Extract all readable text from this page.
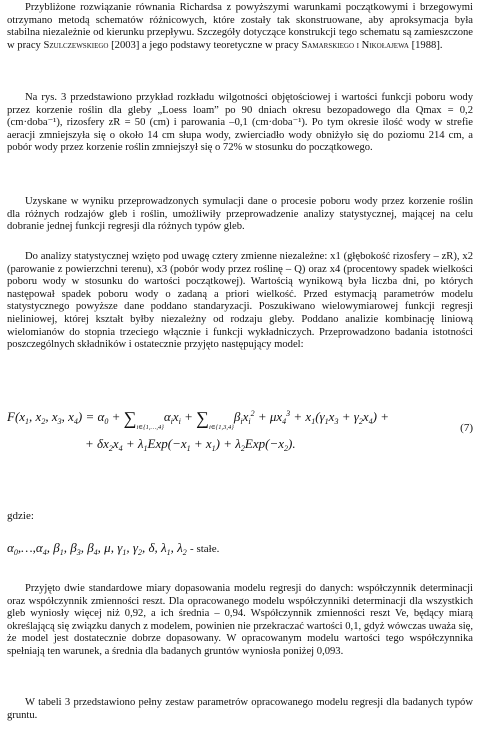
Przybliżone rozwiązanie równania Richardsa z powyższymi warunkami początkowymi i brzegowymi otrzymano metodą schematów różnicowych, które zostały tak skonstruowane, aby aproksymacja była stabilna niezależnie od kierunku przepływu. Szczegóły dotyczące konstrukcji tego schematu są zamieszczone w pracy Szulczewskiego [2003] a jego podstawy teoretyczne w pracy Samarskiego i Nikołajewa [1988].

Na rys. 3 przedstawiono przykład rozkładu wilgotności objętościowej i wartości funkcji poboru wody przez korzenie roślin dla gleby „Loess loam” po 90 dniach okresu bezopadowego dla Qmax = 0,2 (cm·doba⁻¹), rizosfery zR = 50 (cm) i parowania –0,1 (cm·doba⁻¹). Po tym okresie ilość wody w strefie aeracji zmniejszyła się o około 14 cm słupa wody, zwierciadło wody obniżyło się do poziomu 214 cm, a pobór wody przez korzenie roślin zmniejszył się o 72% w stosunku do początkowego.

Uzyskane w wyniku przeprowadzonych symulacji dane o procesie poboru wody przez korzenie roślin dla różnych rodzajów gleb i roślin, umożliwiły przeprowadzenie analizy statystycznej, mającej na celu dobranie jednej funkcji regresji dla różnych typów gleb.

Do analizy statystycznej wzięto pod uwagę cztery zmienne niezależne: x1 (głębokość rizosfery – zR), x2 (parowanie z powierzchni terenu), x3 (pobór wody przez roślinę – Q) oraz x4 (procentowy spadek wielkości poboru wody w stosunku do wartości początkowej). Wartością wynikową była liczba dni, po których następował spadek poboru wody o zadaną a priori wielkość. Przed estymacją parametrów modelu statystycznego powyższe dane poddano standaryzacji. Poszukiwano wielowymiarowej funkcji regresji nieliniowej, której kształt byłby niezależny od rodzaju gleby. Poddano analizie kombinację liniową wielomianów do stopnia trzeciego włącznie i funkcji wykładniczych. Przeprowadzono badania istotności poszczególnych składników i ostatecznie przyjęto następujący model:

$F(x_1$, $x_2$, $x_3$, $x_4) = \alpha_0 + \sum_{i\in\{1,\dots,4\}}\alpha_ix_i + \sum_{i\in\{1,3,4\}}\beta_ix_i^2 + \mu x_4^3 + x_1(\gamma_1x_3 + \gamma_2x_4)$ +
+ $\delta x_2x_4 + \lambda_1Exp(-x_1 + x_1) + \lambda_2Exp(-x_2)$.
(7)
gdzie:
$\alpha_0,\dots,\alpha_4$, $\beta_1$, $\beta_3$, $\beta_4$, μ, $\gamma_1$, $\gamma_2$, δ, $\lambda_1$, $\lambda_2$ - stałe.

Przyjęto dwie standardowe miary dopasowania modelu regresji do danych: współczynnik determinacji oraz współczynnik zmienności reszt. Dla opracowanego modelu współczynniki determinacji dla wszystkich gleb wyniosły więcej niż 0,92, a ich średnia – 0,94. Współczynnik zmienności reszt Ve, będący miarą określającą się związku danych z modelem, powinien nie przekraczać wartości 0,1, gdyż wówczas uważa się, że model jest dostatecznie dobrze dopasowany. W opracowanym modelu wartości tego współczynnika spełniają ten warunek, a średnia dla badanych gruntów wyniosła poniżej 0,093.

W tabeli 3 przedstawiono pełny zestaw parametrów opracowanego modelu regresji dla badanych typów gruntu.
